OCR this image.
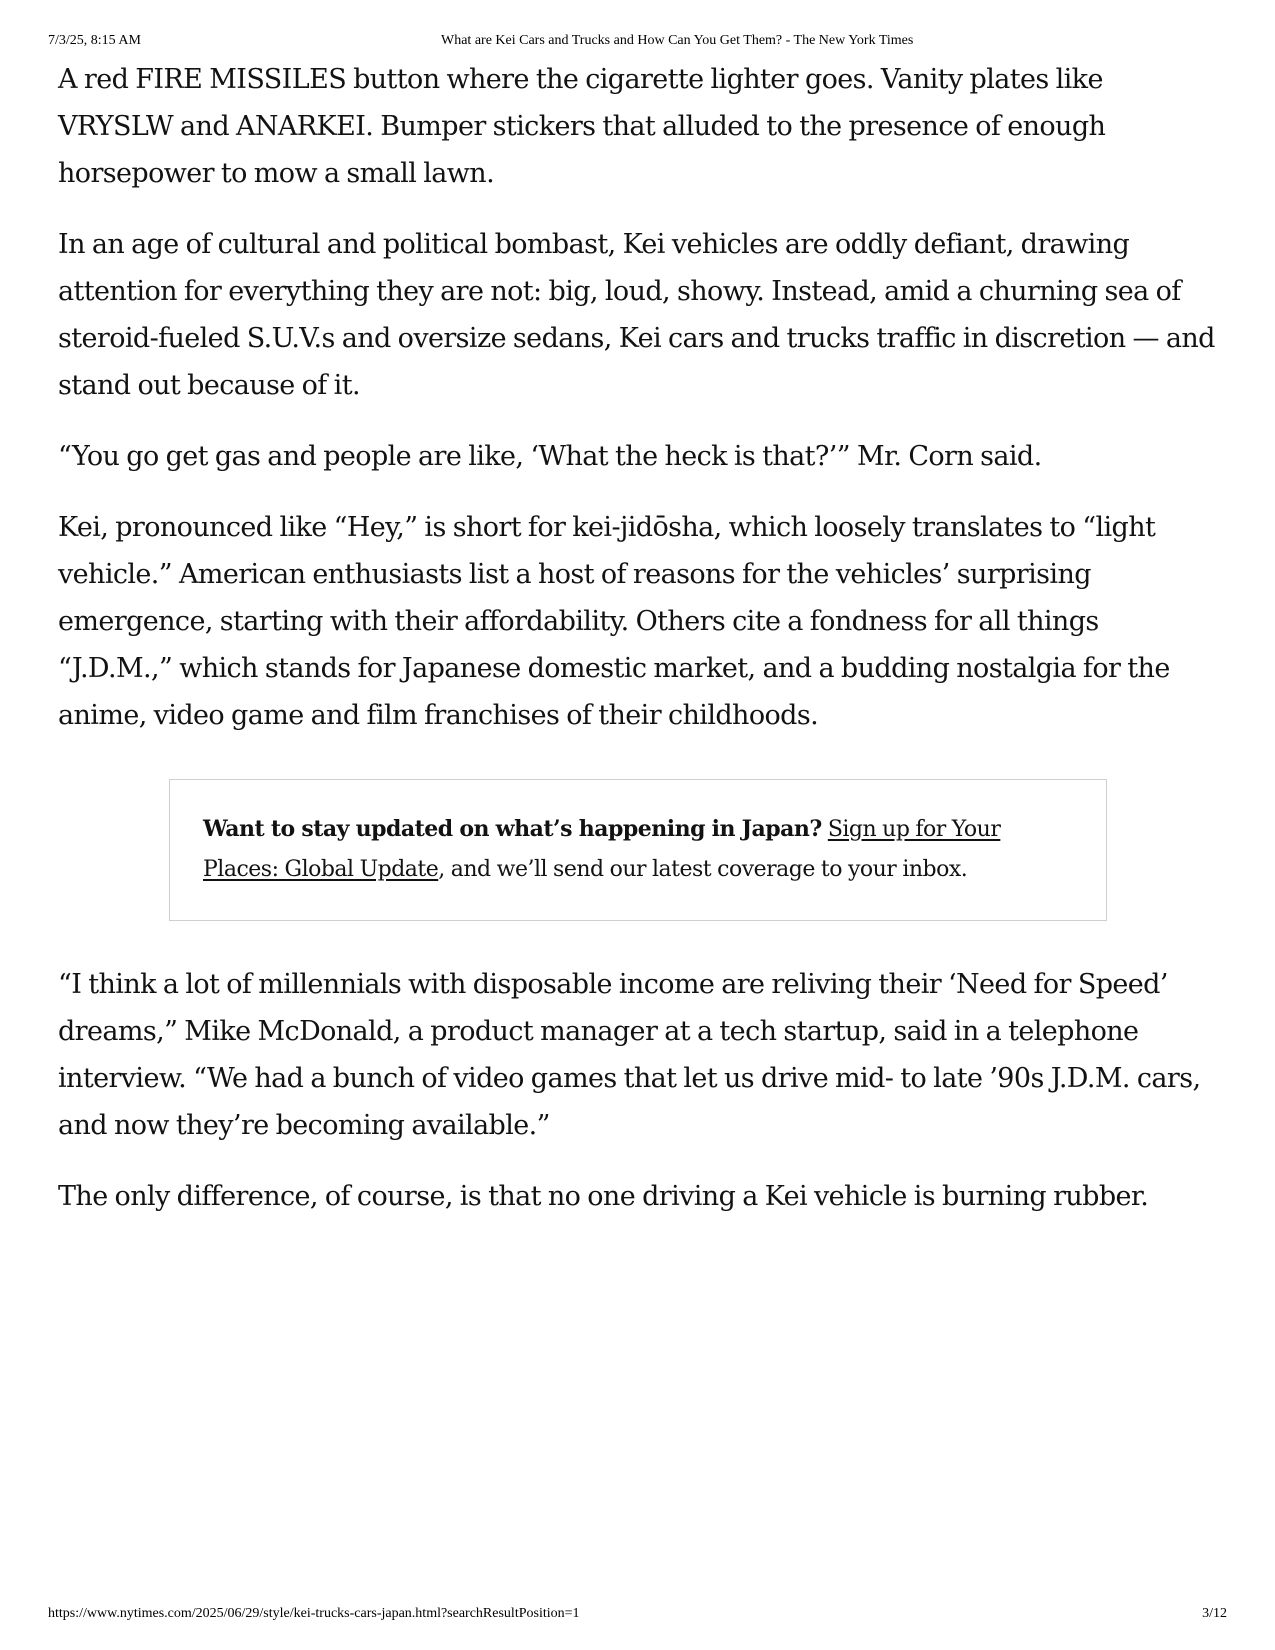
7/3/25, 8:15 AM	What are Kei Cars and Trucks and How Can You Get Them? - The New York Times

A red FIRE MISSILES button where the cigarette lighter goes. Vanity plates like VRYSLW and ANARKEI. Bumper stickers that alluded to the presence of enough horsepower to mow a small lawn.

In an age of cultural and political bombast, Kei vehicles are oddly defiant, drawing attention for everything they are not: big, loud, showy. Instead, amid a churning sea of steroid-fueled S.U.V.s and oversize sedans, Kei cars and trucks traffic in discretion — and stand out because of it.

“You go get gas and people are like, ‘What the heck is that?’” Mr. Corn said.

Kei, pronounced like “Hey,” is short for kei-jidōsha, which loosely translates to “light vehicle.” American enthusiasts list a host of reasons for the vehicles’ surprising emergence, starting with their affordability. Others cite a fondness for all things “J.D.M.,” which stands for Japanese domestic market, and a budding nostalgia for the anime, video game and film franchises of their childhoods.

Want to stay updated on what’s happening in Japan? Sign up for Your Places: Global Update, and we’ll send our latest coverage to your inbox.

“I think a lot of millennials with disposable income are reliving their ‘Need for Speed’ dreams,” Mike McDonald, a product manager at a tech startup, said in a telephone interview. “We had a bunch of video games that let us drive mid- to late ’90s J.D.M. cars, and now they’re becoming available.”

The only difference, of course, is that no one driving a Kei vehicle is burning rubber.

https://www.nytimes.com/2025/06/29/style/kei-trucks-cars-japan.html?searchResultPosition=1	3/12
